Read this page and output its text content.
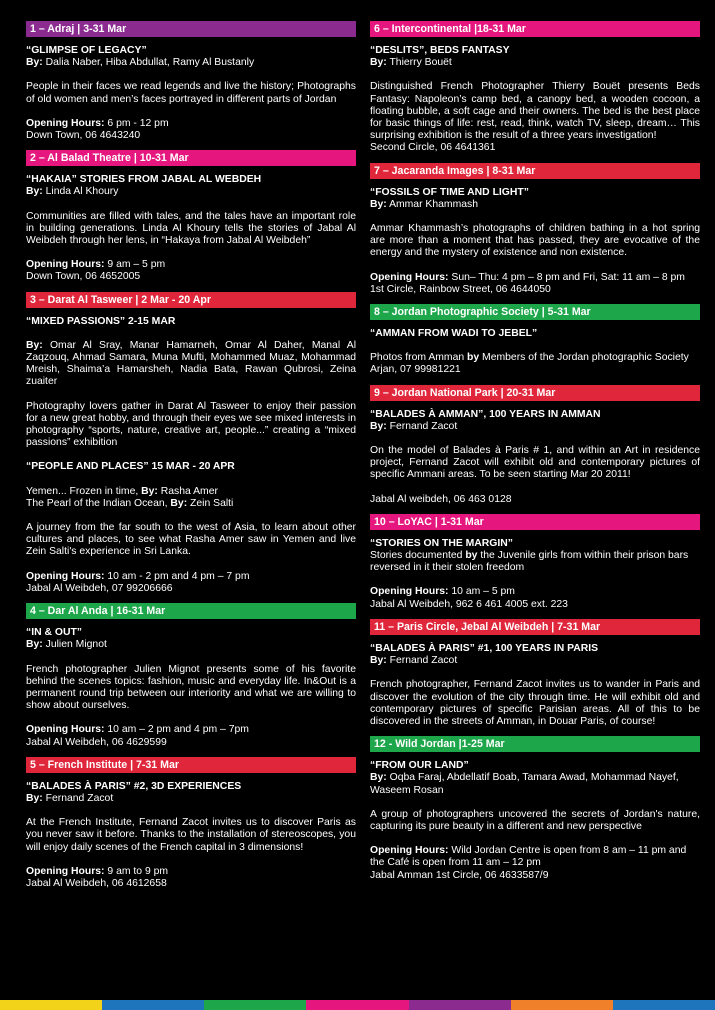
1 – Adraj | 3-31 Mar

“GLIMPSE OF LEGACY”

By: Dalia Naber, Hiba Abdullat, Ramy Al Bustanly

People in their faces we read legends and live the history; Photographs of old women and men’s faces portrayed in different parts of Jordan

Opening Hours: 6 pm - 12 pm

Down Town, 06 4643240

2 – Al Balad Theatre | 10-31 Mar

“HAKAIA” STORIES FROM JABAL AL WEBDEH

By: Linda Al Khoury

Communities are filled with tales, and the tales have an important role in building generations. Linda Al Khoury tells the stories of Jabal Al Weibdeh through her lens, in “Hakaya from Jabal Al Weibdeh”

Opening Hours: 9 am – 5 pm

Down Town, 06 4652005

3 – Darat Al Tasweer | 2 Mar - 20 Apr

“MIXED PASSIONS” 2-15 MAR

By: Omar Al Sray, Manar Hamarneh, Omar Al Daher, Manal Al Zaqzouq, Ahmad Samara, Muna Mufti, Mohammed Muaz, Mohammad Mreish, Shaima’a Hamarsheh, Nadia Bata, Rawan Qubrosi, Zeina zuaiter

Photography lovers gather in Darat Al Tasweer to enjoy their passion for a new great hobby, and through their eyes we see mixed interests in photography “sports, nature, creative art, people...” creating a “mixed passions” exhibition

“PEOPLE AND PLACES” 15 MAR - 20 APR

Yemen... Frozen in time, By: Rasha Amer

The Pearl of the Indian Ocean, By: Zein Salti

A journey from the far south to the west of Asia, to learn about other cultures and places, to see what Rasha Amer saw in Yemen and live Zein Salti's experience in Sri Lanka.

Opening Hours: 10 am - 2 pm and 4 pm – 7 pm

Jabal Al Weibdeh, 07 99206666

4 – Dar Al Anda | 16-31 Mar

“IN & OUT”

By: Julien Mignot

French photographer Julien Mignot presents some of his favorite behind the scenes topics: fashion, music and everyday life. In&Out is a permanent round trip between our interiority and what we are willing to show about ourselves.

Opening Hours: 10 am – 2 pm and 4 pm – 7pm

Jabal Al Weibdeh, 06 4629599

5 – French Institute | 7-31 Mar

“BALADES À PARIS” #2, 3D EXPERIENCES

By: Fernand Zacot

At the French Institute, Fernand Zacot invites us to discover Paris as you never saw it before. Thanks to the installation of stereoscopes, you will enjoy daily scenes of the French capital in 3 dimensions!

Opening Hours: 9 am to 9 pm

Jabal Al Weibdeh, 06 4612658

6 – Intercontinental |18-31 Mar

“DESLITS”, BEDS FANTASY

By: Thierry Bouët

Distinguished French Photographer Thierry Bouët presents Beds Fantasy: Napoleon’s camp bed, a canopy bed, a wooden cocoon, a floating bubble, a soft cage and their owners. The bed is the best place for basic things of life: rest, read, think, watch TV, sleep, dream… This surprising exhibition is the result of a three years investigation!

Second Circle, 06 4641361

7 – Jacaranda Images | 8-31 Mar

“FOSSILS OF TIME AND LIGHT”

By: Ammar Khammash

Ammar Khammash’s photographs of children bathing in a hot spring are more than a moment that has passed, they are evocative of the energy and the mystery of existence and non existence.

Opening Hours: Sun– Thu: 4 pm – 8 pm and Fri, Sat: 11 am – 8 pm

1st Circle, Rainbow Street, 06 4644050

8 – Jordan Photographic Society | 5-31 Mar

“AMMAN FROM WADI TO JEBEL”

Photos from Amman by Members of the Jordan photographic Society

Arjan, 07 99981221

9 – Jordan National Park | 20-31 Mar

“BALADES À AMMAN”, 100 YEARS IN AMMAN

By: Fernand Zacot

On the model of Balades à Paris # 1, and within an Art in residence project, Fernand Zacot will exhibit old and contemporary pictures of specific Ammani areas. To be seen starting Mar 20 2011!

Jabal Al weibdeh, 06 463 0128

10 – LoYAC | 1-31 Mar

“STORIES ON THE MARGIN”

Stories documented by the Juvenile girls from within their prison bars reversed in it their stolen freedom

Opening Hours: 10 am – 5 pm

Jabal Al Weibdeh, 962 6 461 4005 ext. 223

11 – Paris Circle, Jebal Al Weibdeh | 7-31 Mar

“BALADES À PARIS” #1, 100 YEARS IN PARIS

By: Fernand Zacot

French photographer, Fernand Zacot invites us to wander in Paris and discover the evolution of the city through time. He will exhibit old and contemporary pictures of specific Parisian areas. All of this to be discovered in the streets of Amman, in Douar Paris, of course!

12 - Wild Jordan |1-25 Mar

“FROM OUR LAND”

By: Oqba Faraj, Abdellatif Boab, Tamara Awad, Mohammad Nayef, Waseem Rosan

A group of photographers uncovered the secrets of Jordan's nature, capturing its pure beauty in a different and new perspective

Opening Hours: Wild Jordan Centre is open from 8 am – 11 pm and the Café is open from 11 am – 12 pm

Jabal Amman 1st Circle, 06 4633587/9
